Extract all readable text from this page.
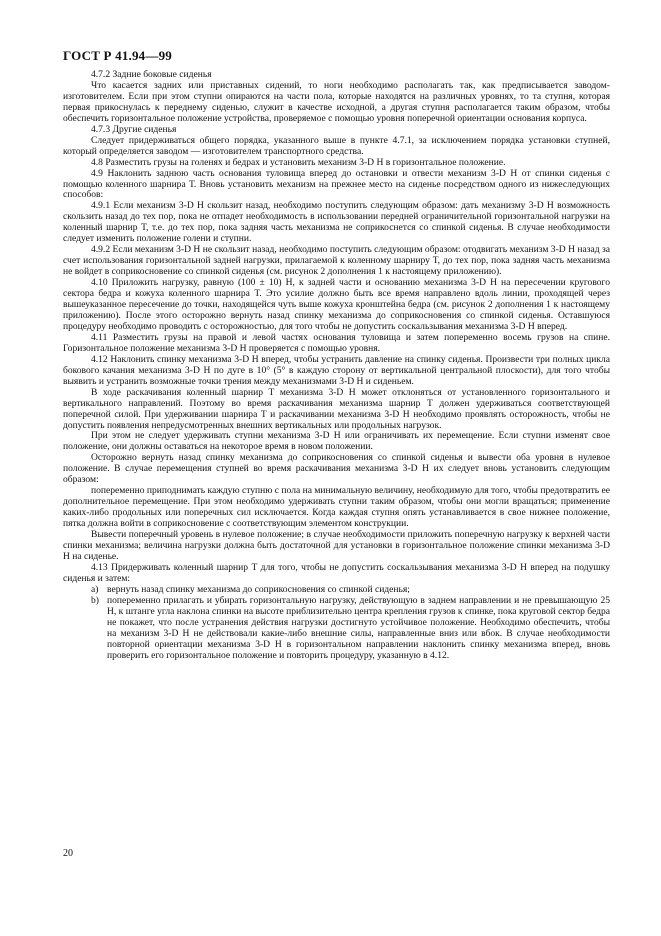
ГОСТ Р 41.94—99

4.7.2 Задние боковые сиденья

Что касается задних или приставных сидений, то ноги необходимо располагать так, как предписывается заводом-изготовителем. Если при этом ступни опираются на части пола, которые находятся на различных уровнях, то та ступня, которая первая прикоснулась к переднему сиденью, служит в качестве исходной, а другая ступня располагается таким образом, чтобы обеспечить горизонтальное положение устройства, проверяемое с помощью уровня поперечной ориентации основания корпуса.

4.7.3 Другие сиденья

Следует придерживаться общего порядка, указанного выше в пункте 4.7.1, за исключением порядка установки ступней, который определяется заводом — изготовителем транспортного средства.

4.8 Разместить грузы на голенях и бедрах и установить механизм 3-D H в горизонтальное положение.

4.9 Наклонить заднюю часть основания туловища вперед до остановки и отвести механизм 3-D H от спинки сиденья с помощью коленного шарнира Т. Вновь установить механизм на прежнее место на сиденье посредством одного из нижеследующих способов:

4.9.1 Если механизм 3-D H скользит назад, необходимо поступить следующим образом: дать механизму 3-D H возможность скользить назад до тех пор, пока не отпадет необходимость в использовании передней ограничительной горизонтальной нагрузки на коленный шарнир Т, т.е. до тех пор, пока задняя часть механизма не соприкоснется со спинкой сиденья. В случае необходимости следует изменить положение голени и ступни.

4.9.2 Если механизм 3-D H не скользит назад, необходимо поступить следующим образом: отодвигать механизм 3-D H назад за счет использования горизонтальной задней нагрузки, прилагаемой к коленному шарниру Т, до тех пор, пока задняя часть механизма не войдет в соприкосновение со спинкой сиденья (см. рисунок 2 дополнения 1 к настоящему приложению).

4.10 Приложить нагрузку, равную (100 ± 10) Н, к задней части и основанию механизма 3-D H на пересечении кругового сектора бедра и кожуха коленного шарнира Т. Это усилие должно быть все время направлено вдоль линии, проходящей через вышеуказанное пересечение до точки, находящейся чуть выше кожуха кронштейна бедра (см. рисунок 2 дополнения 1 к настоящему приложению). После этого осторожно вернуть назад спинку механизма до соприкосновения со спинкой сиденья. Оставшуюся процедуру необходимо проводить с осторожностью, для того чтобы не допустить соскальзывания механизма 3-D H вперед.

4.11 Разместить грузы на правой и левой частях основания туловища и затем попеременно восемь грузов на спине. Горизонтальное положение механизма 3-D H проверяется с помощью уровня.

4.12 Наклонить спинку механизма 3-D H вперед, чтобы устранить давление на спинку сиденья. Произвести три полных цикла бокового качания механизма 3-D H по дуге в 10° (5° в каждую сторону от вертикальной центральной плоскости), для того чтобы выявить и устранить возможные точки трения между механизмами 3-D H и сиденьем.

В ходе раскачивания коленный шарнир Т механизма 3-D H может отклоняться от установленного горизонтального и вертикального направлений. Поэтому во время раскачивания механизма шарнир Т должен удерживаться соответствующей поперечной силой. При удерживании шарнира Т и раскачивании механизма 3-D H необходимо проявлять осторожность, чтобы не допустить появления непредусмотренных внешних вертикальных или продольных нагрузок.

При этом не следует удерживать ступни механизма 3-D H или ограничивать их перемещение. Если ступни изменят свое положение, они должны оставаться на некоторое время в новом положении.

Осторожно вернуть назад спинку механизма до соприкосновения со спинкой сиденья и вывести оба уровня в нулевое положение. В случае перемещения ступней во время раскачивания механизма 3-D H их следует вновь установить следующим образом:

попеременно приподнимать каждую ступню с пола на минимальную величину, необходимую для того, чтобы предотвратить ее дополнительное перемещение. При этом необходимо удерживать ступни таким образом, чтобы они могли вращаться; применение каких-либо продольных или поперечных сил исключается. Когда каждая ступня опять устанавливается в свое нижнее положение, пятка должна войти в соприкосновение с соответствующим элементом конструкции.

Вывести поперечный уровень в нулевое положение; в случае необходимости приложить поперечную нагрузку к верхней части спинки механизма; величина нагрузки должна быть достаточной для установки в горизонтальное положение спинки механизма 3-D H на сиденье.

4.13 Придерживать коленный шарнир Т для того, чтобы не допустить соскальзывания механизма 3-D H вперед на подушку сиденья и затем:

a) вернуть назад спинку механизма до соприкосновения со спинкой сиденья;
b) попеременно прилагать и убирать горизонтальную нагрузку, действующую в заднем направлении и не превышающую 25 Н, к штанге угла наклона спинки на высоте приблизительно центра крепления грузов к спинке, пока круговой сектор бедра не покажет, что после устранения действия нагрузки достигнуто устойчивое положение. Необходимо обеспечить, чтобы на механизм 3-D H не действовали какие-либо внешние силы, направленные вниз или вбок. В случае необходимости повторной ориентации механизма 3-D H в горизонтальном направлении наклонить спинку механизма вперед, вновь проверить его горизонтальное положение и повторить процедуру, указанную в 4.12.
20
